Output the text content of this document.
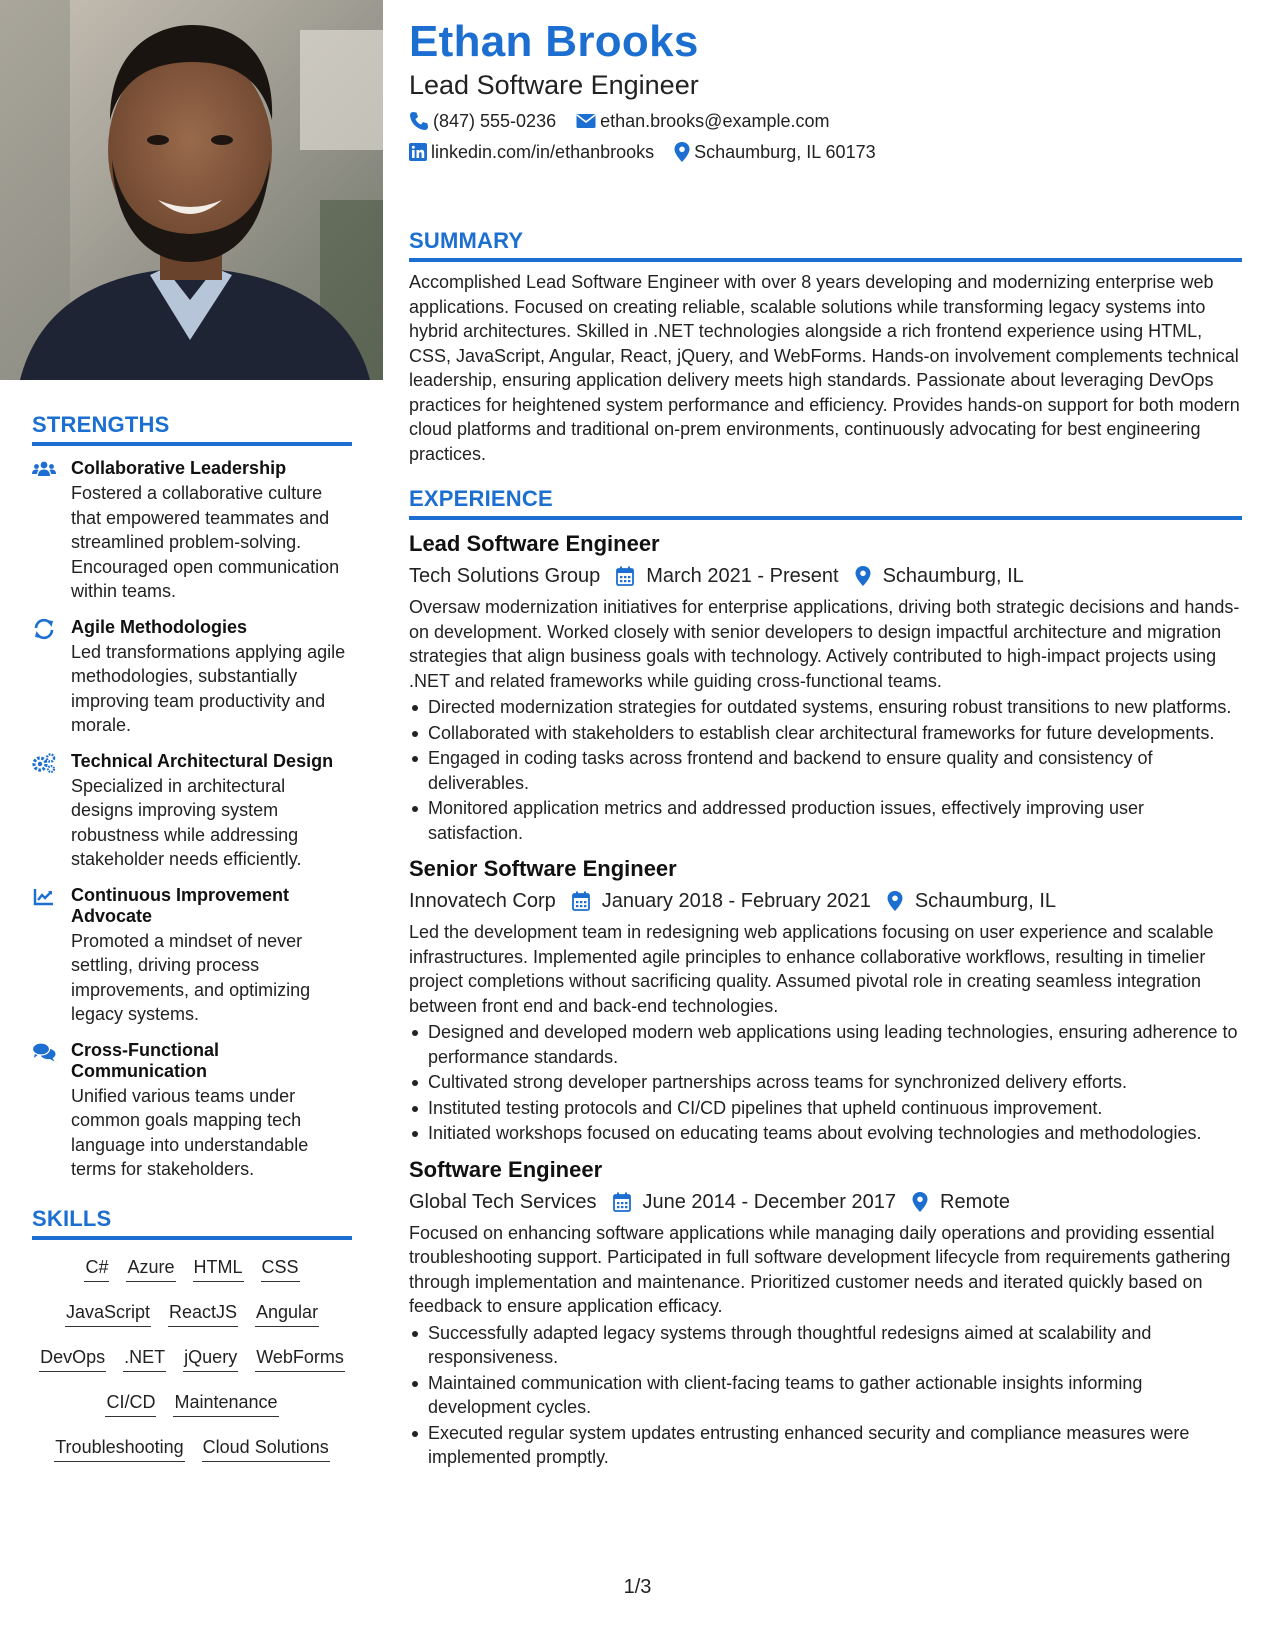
STRENGTHS
Collaborative Leadership
Fostered a collaborative culture that empowered teammates and streamlined problem-solving. Encouraged open communication within teams.
Agile Methodologies
Led transformations applying agile methodologies, substantially improving team productivity and morale.
Technical Architectural Design
Specialized in architectural designs improving system robustness while addressing stakeholder needs efficiently.
Continuous Improvement Advocate
Promoted a mindset of never settling, driving process improvements, and optimizing legacy systems.
Cross-Functional Communication
Unified various teams under common goals mapping tech language into understandable terms for stakeholders.
SKILLS
C# Azure HTML CSS
JavaScript ReactJS Angular
DevOps .NET jQuery WebForms
CI/CD Maintenance
Troubleshooting Cloud Solutions
Ethan Brooks
Lead Software Engineer
(847) 555-0236 ethan.brooks@example.com
linkedin.com/in/ethanbrooks Schaumburg, IL 60173
SUMMARY
Accomplished Lead Software Engineer with over 8 years developing and modernizing enterprise web applications. Focused on creating reliable, scalable solutions while transforming legacy systems into hybrid architectures. Skilled in .NET technologies alongside a rich frontend experience using HTML, CSS, JavaScript, Angular, React, jQuery, and WebForms. Hands-on involvement complements technical leadership, ensuring application delivery meets high standards. Passionate about leveraging DevOps practices for heightened system performance and efficiency. Provides hands-on support for both modern cloud platforms and traditional on-prem environments, continuously advocating for best engineering practices.
EXPERIENCE
Lead Software Engineer
Tech Solutions Group March 2021 - Present Schaumburg, IL
Oversaw modernization initiatives for enterprise applications, driving both strategic decisions and hands-on development. Worked closely with senior developers to design impactful architecture and migration strategies that align business goals with technology. Actively contributed to high-impact projects using .NET and related frameworks while guiding cross-functional teams.
Directed modernization strategies for outdated systems, ensuring robust transitions to new platforms.
Collaborated with stakeholders to establish clear architectural frameworks for future developments.
Engaged in coding tasks across frontend and backend to ensure quality and consistency of deliverables.
Monitored application metrics and addressed production issues, effectively improving user satisfaction.
Senior Software Engineer
Innovatech Corp January 2018 - February 2021 Schaumburg, IL
Led the development team in redesigning web applications focusing on user experience and scalable infrastructures. Implemented agile principles to enhance collaborative workflows, resulting in timelier project completions without sacrificing quality. Assumed pivotal role in creating seamless integration between front end and back-end technologies.
Designed and developed modern web applications using leading technologies, ensuring adherence to performance standards.
Cultivated strong developer partnerships across teams for synchronized delivery efforts.
Instituted testing protocols and CI/CD pipelines that upheld continuous improvement.
Initiated workshops focused on educating teams about evolving technologies and methodologies.
Software Engineer
Global Tech Services June 2014 - December 2017 Remote
Focused on enhancing software applications while managing daily operations and providing essential troubleshooting support. Participated in full software development lifecycle from requirements gathering through implementation and maintenance. Prioritized customer needs and iterated quickly based on feedback to ensure application efficacy.
Successfully adapted legacy systems through thoughtful redesigns aimed at scalability and responsiveness.
Maintained communication with client-facing teams to gather actionable insights informing development cycles.
Executed regular system updates entrusting enhanced security and compliance measures were implemented promptly.
1/3
